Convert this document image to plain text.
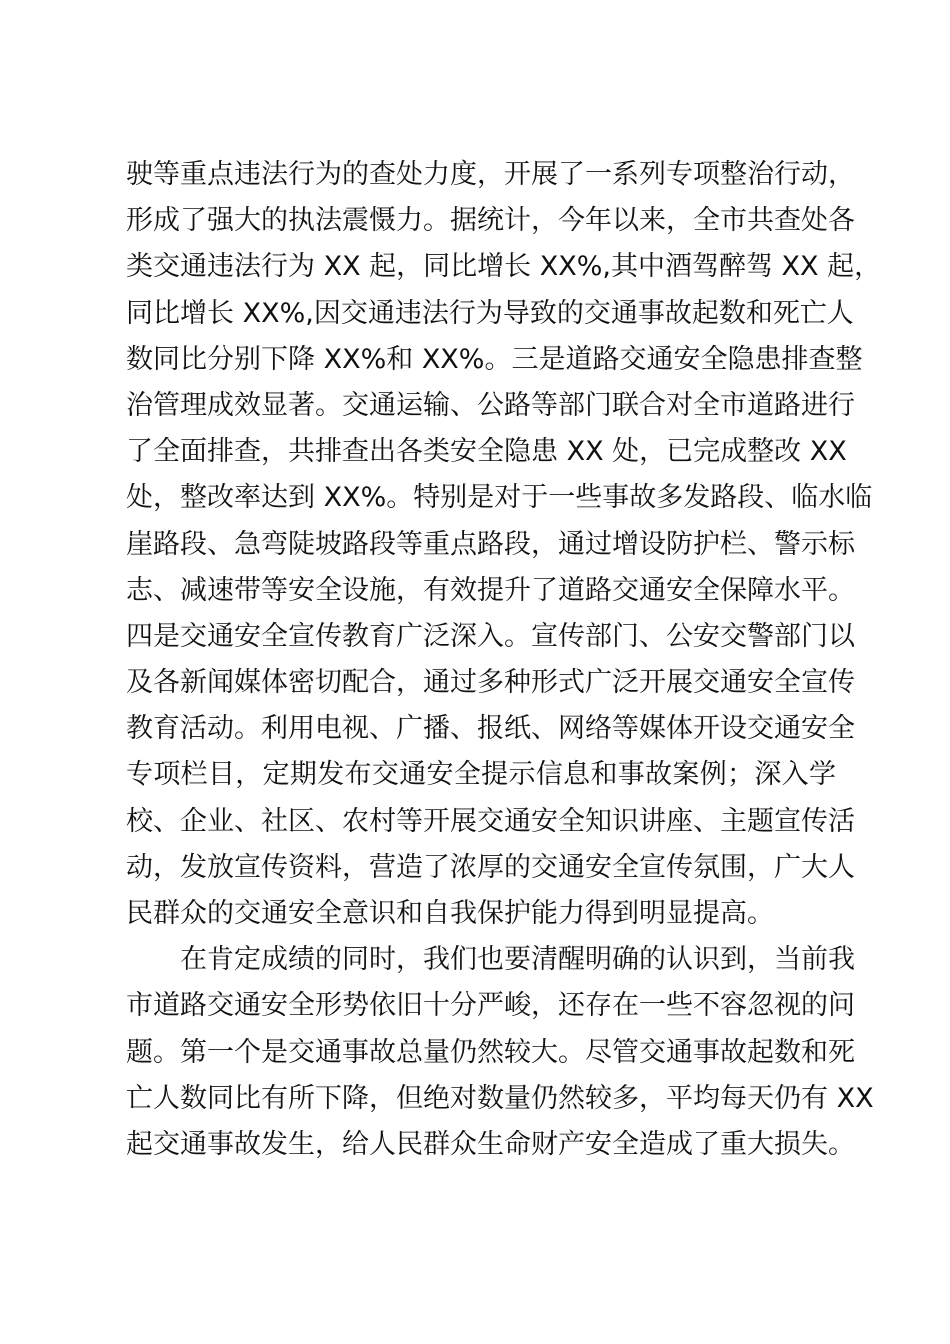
驶等重点违法行为的查处力度，开展了一系列专项整治行动，
形成了强大的执法震慑力。据统计，今年以来，全市共查处各
类交通违法行为 XX 起，同比增长 XX%,其中酒驾醉驾 XX 起，
同比增长 XX%,因交通违法行为导致的交通事故起数和死亡人
数同比分别下降 XX%和 XX%。三是道路交通安全隐患排查整
治管理成效显著。交通运输、公路等部门联合对全市道路进行
了全面排查，共排查出各类安全隐患 XX 处，已完成整改 XX
处，整改率达到 XX%。特别是对于一些事故多发路段、临水临
崖路段、急弯陡坡路段等重点路段，通过增设防护栏、警示标
志、减速带等安全设施，有效提升了道路交通安全保障水平。
四是交通安全宣传教育广泛深入。宣传部门、公安交警部门以
及各新闻媒体密切配合，通过多种形式广泛开展交通安全宣传
教育活动。利用电视、广播、报纸、网络等媒体开设交通安全
专项栏目，定期发布交通安全提示信息和事故案例；深入学
校、企业、社区、农村等开展交通安全知识讲座、主题宣传活
动，发放宣传资料，营造了浓厚的交通安全宣传氛围，广大人
民群众的交通安全意识和自我保护能力得到明显提高。
在肯定成绩的同时，我们也要清醒明确的认识到，当前我
市道路交通安全形势依旧十分严峻，还存在一些不容忽视的问
题。第一个是交通事故总量仍然较大。尽管交通事故起数和死
亡人数同比有所下降，但绝对数量仍然较多，平均每天仍有 XX
起交通事故发生，给人民群众生命财产安全造成了重大损失。
